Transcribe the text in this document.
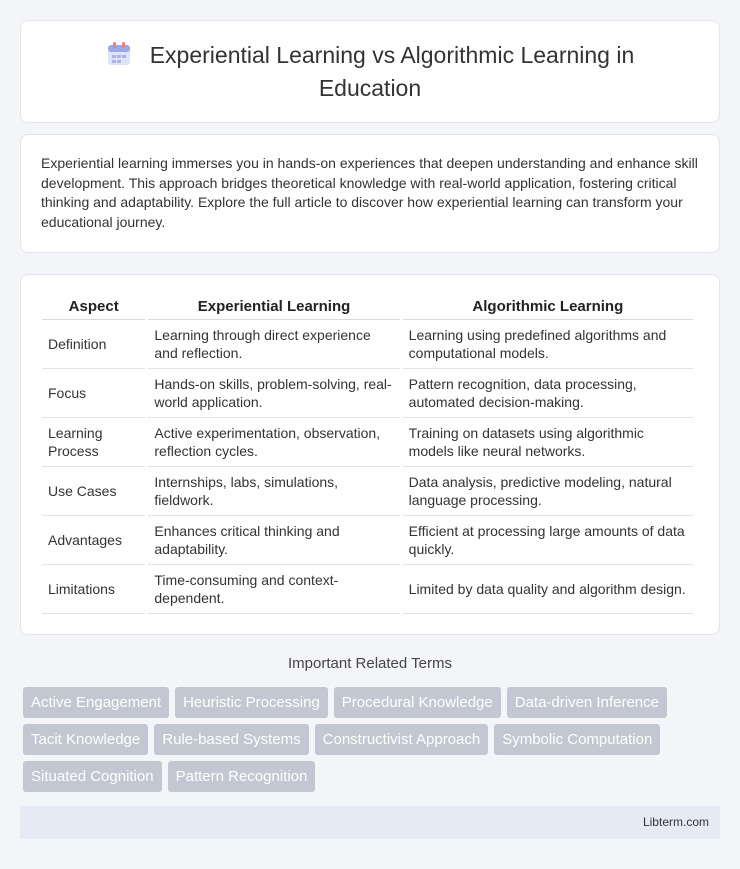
Experiential Learning vs Algorithmic Learning in Education

Experiential learning immerses you in hands-on experiences that deepen understanding and enhance skill development. This approach bridges theoretical knowledge with real-world application, fostering critical thinking and adaptability. Explore the full article to discover how experiential learning can transform your educational journey.

Aspect	Experiential Learning	Algorithmic Learning
Definition	Learning through direct experience and reflection.	Learning using predefined algorithms and computational models.
Focus	Hands-on skills, problem-solving, real-world application.	Pattern recognition, data processing, automated decision-making.
Learning Process	Active experimentation, observation, reflection cycles.	Training on datasets using algorithmic models like neural networks.
Use Cases	Internships, labs, simulations, fieldwork.	Data analysis, predictive modeling, natural language processing.
Advantages	Enhances critical thinking and adaptability.	Efficient at processing large amounts of data quickly.
Limitations	Time-consuming and context-dependent.	Limited by data quality and algorithm design.
Important Related Terms
Active Engagement	Heuristic Processing	Procedural Knowledge	Data-driven Inference
Tacit Knowledge	Rule-based Systems	Constructivist Approach	Symbolic Computation
Situated Cognition	Pattern Recognition
Libterm.com
